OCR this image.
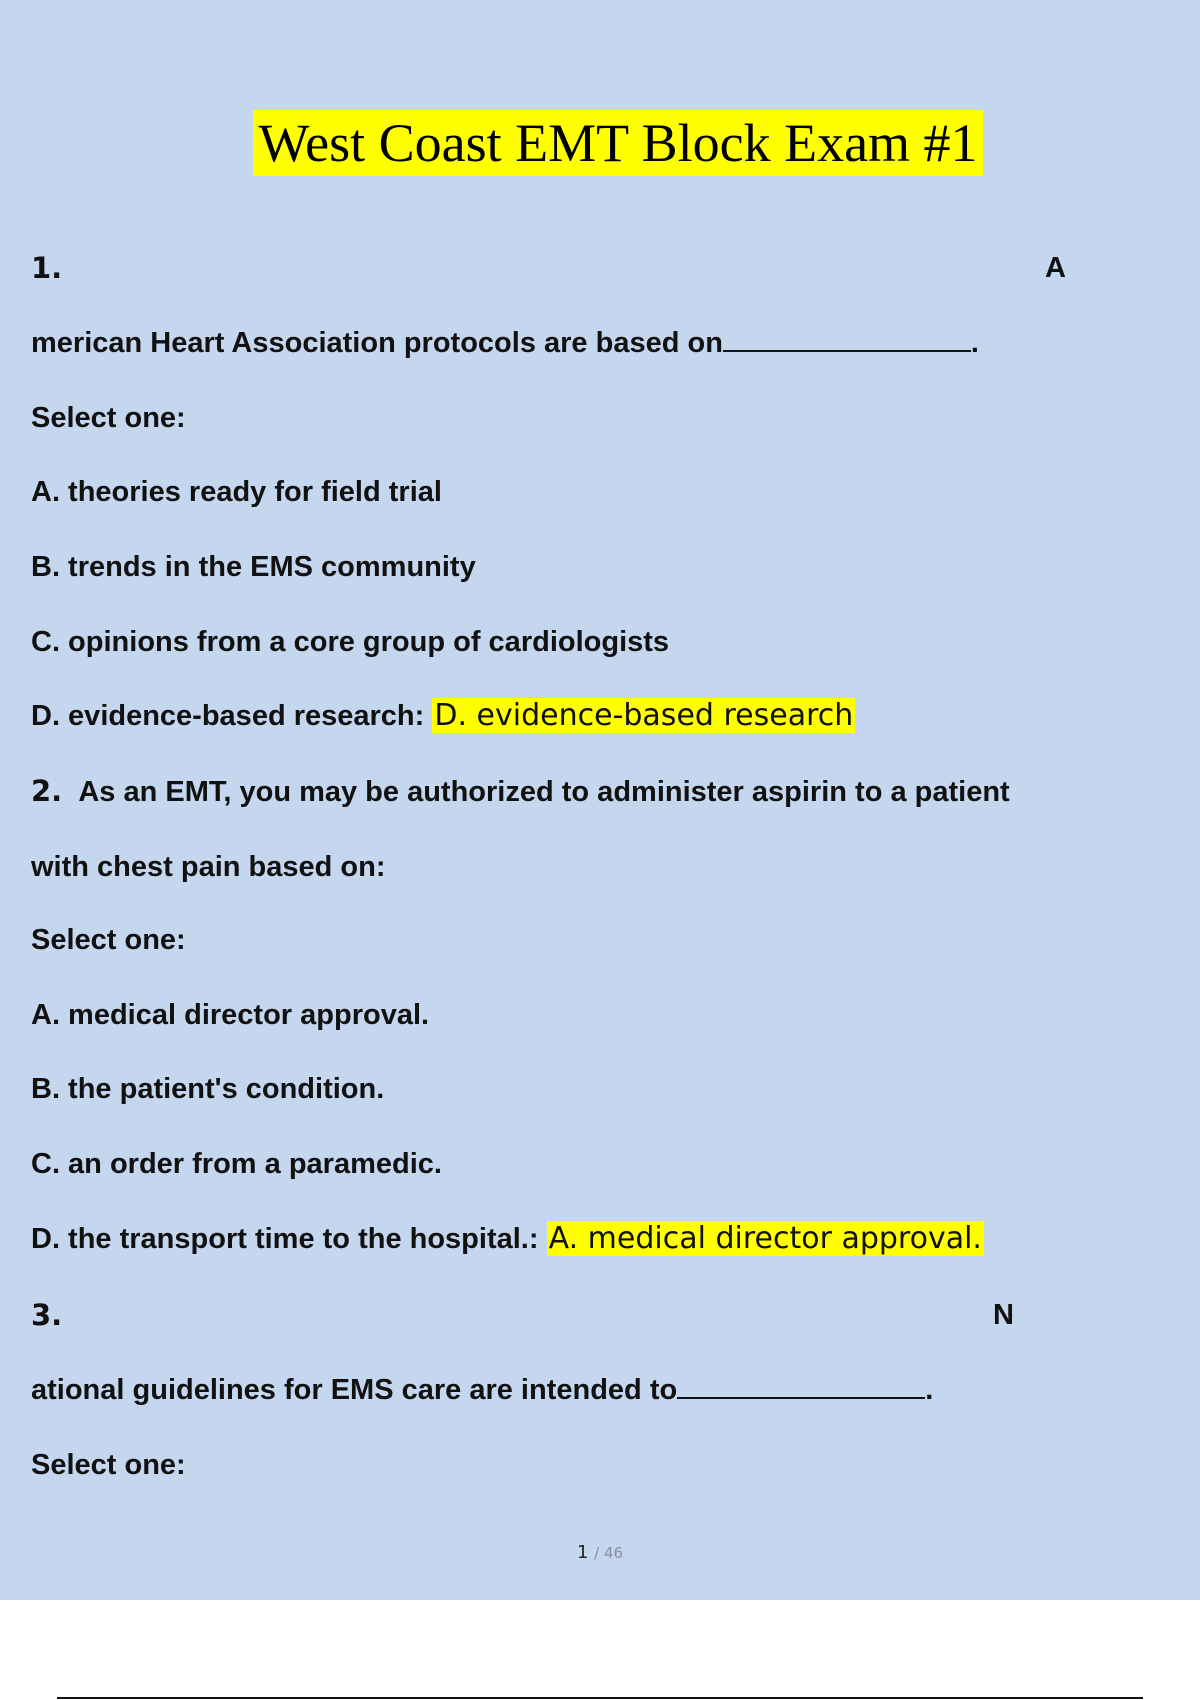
West Coast EMT Block Exam #1
1.	A
merican Heart Association protocols are based on	.
Select one:
A. theories ready for field trial
B. trends in the EMS community
C. opinions from a core group of cardiologists
D. evidence-based research: D. evidence-based research
2. As an EMT, you may be authorized to administer aspirin to a patient
with chest pain based on:
Select one:
A. medical director approval.
B. the patient's condition.
C. an order from a paramedic.
D. the transport time to the hospital.: A. medical director approval.
3.	N
ational guidelines for EMS care are intended to	.
Select one:
1 / 46
